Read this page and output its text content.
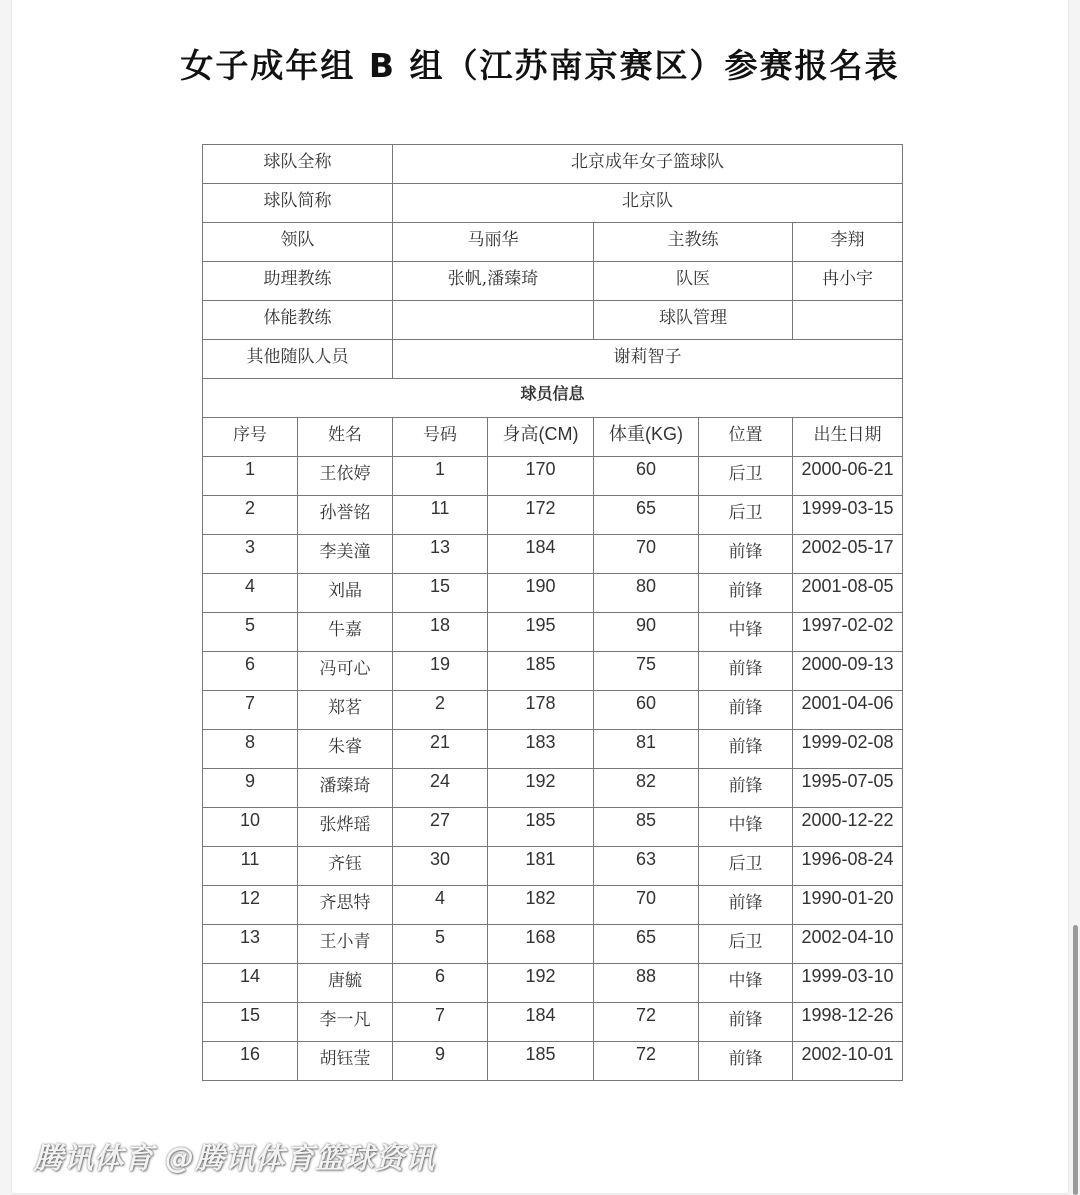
女子成年组 B 组（江苏南京赛区）参赛报名表
球队全称		北京成年女子篮球队				
球队简称		北京队				
领队		马丽华		主教练		李翔
助理教练		张帆,潘臻琦		队医		冉小宇
体能教练				球队管理		
其他随队人员		谢莉智子				
球员信息						
序号	姓名	号码	身高(CM)	体重(KG)	位置	出生日期
1	王依婷	1	170	60	后卫	2000-06-21
2	孙誉铭	11	172	65	后卫	1999-03-15
3	李美潼	13	184	70	前锋	2002-05-17
4	刘晶	15	190	80	前锋	2001-08-05
5	牛嘉	18	195	90	中锋	1997-02-02
6	冯可心	19	185	75	前锋	2000-09-13
7	郑茗	2	178	60	前锋	2001-04-06
8	朱睿	21	183	81	前锋	1999-02-08
9	潘臻琦	24	192	82	前锋	1995-07-05
10	张烨瑶	27	185	85	中锋	2000-12-22
11	齐钰	30	181	63	后卫	1996-08-24
12	齐思特	4	182	70	前锋	1990-01-20
13	王小青	5	168	65	后卫	2002-04-10
14	唐毓	6	192	88	中锋	1999-03-10
15	李一凡	7	184	72	前锋	1998-12-26
16	胡钰莹	9	185	72	前锋	2002-10-01
腾讯体育 @腾讯体育篮球资讯
